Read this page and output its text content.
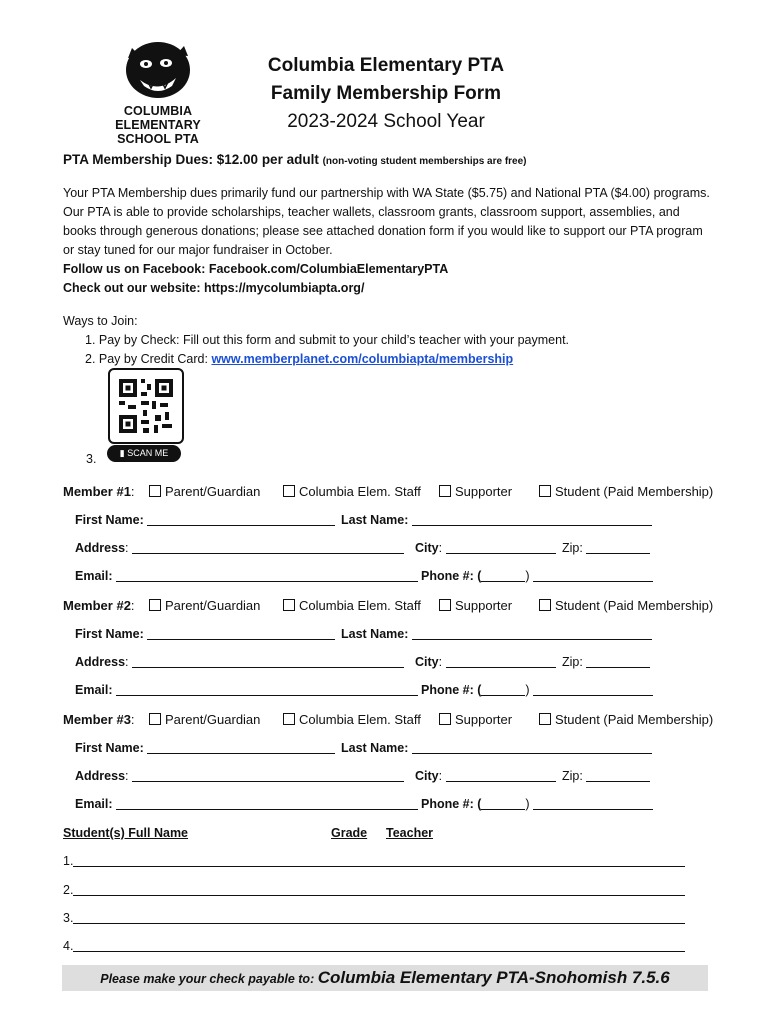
COLUMBIA ELEMENTARY
SCHOOL PTA
Columbia Elementary PTA
Family Membership Form
2023-2024 School Year
PTA Membership Dues: $12.00 per adult (non-voting student memberships are free)
Your PTA Membership dues primarily fund our partnership with WA State ($5.75) and National PTA ($4.00) programs. Our PTA is able to provide scholarships, teacher wallets, classroom grants, classroom support, assemblies, and books through generous donations; please see attached donation form if you would like to support our PTA program or stay tuned for our major fundraiser in October.
Follow us on Facebook: Facebook.com/ColumbiaElementaryPTA
Check out our website: https://mycolumbiapta.org/
Ways to Join:
1. Pay by Check: Fill out this form and submit to your child’s teacher with your payment.
2. Pay by Credit Card: www.memberplanet.com/columbiapta/membership
3.	▮ SCAN ME
Member #1:	Parent/Guardian	Columbia Elem. Staff	Supporter	Student (Paid Membership)
First Name:	Last Name:
Address:	City:	Zip:
Email:	Phone #: (	)
Member #2:	Parent/Guardian	Columbia Elem. Staff	Supporter	Student (Paid Membership)
First Name:	Last Name:
Address:	City:	Zip:
Email:	Phone #: (	)
Member #3:	Parent/Guardian	Columbia Elem. Staff	Supporter	Student (Paid Membership)
First Name:	Last Name:
Address:	City:	Zip:
Email:	Phone #: (	)
Student(s) Full Name	Grade Teacher
1.
2.
3.
4.
Please make your check payable to: Columbia Elementary PTA-Snohomish 7.5.6
